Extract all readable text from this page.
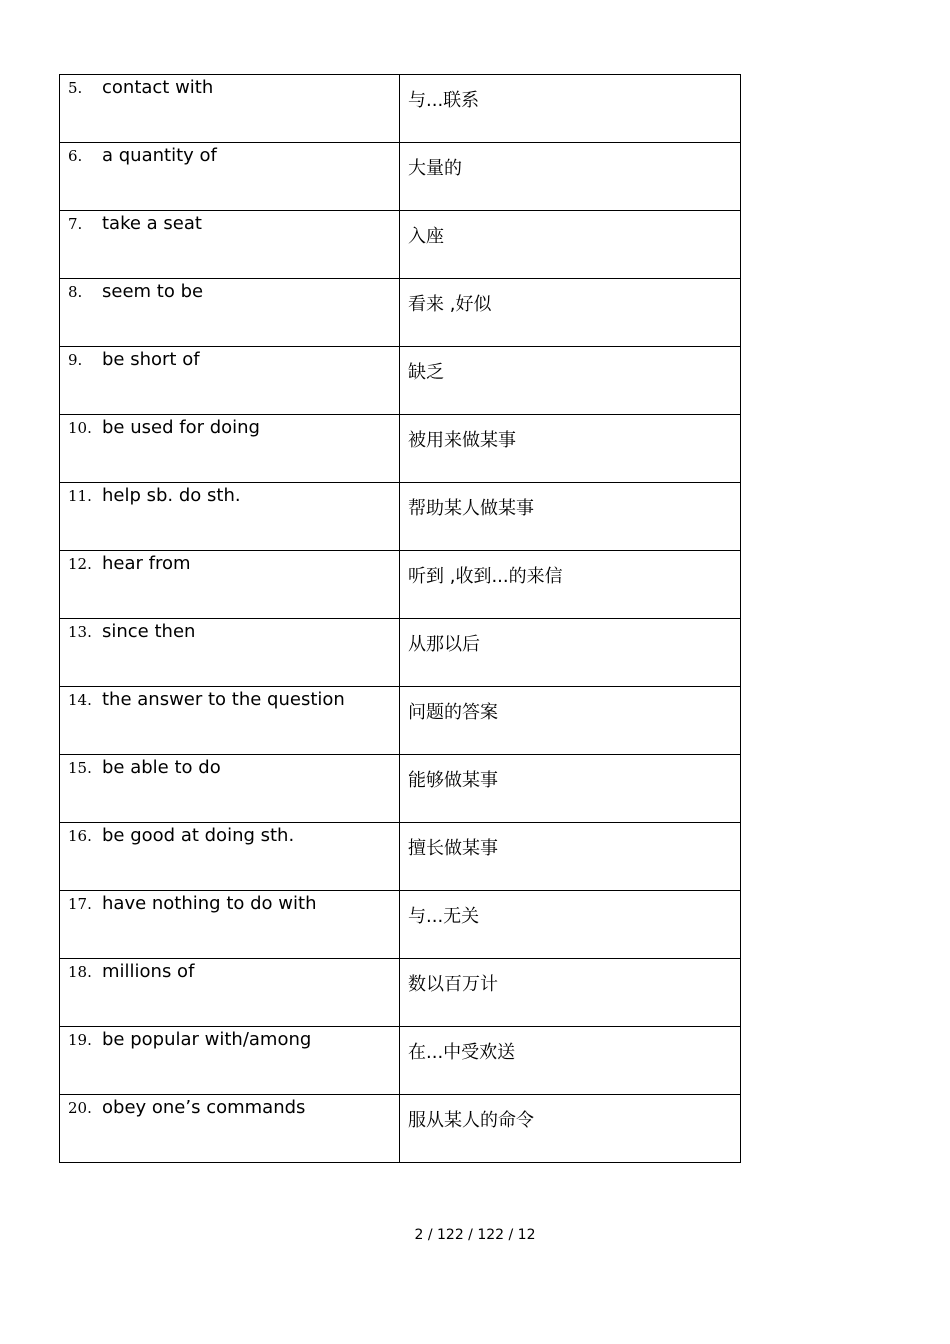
5. contact with	与...联系

6. a quantity of	大量的

7. take a seat	入座

8. seem to be	看来 ,好似

9. be short of	缺乏

10. be used for doing	被用来做某事

11. help sb. do sth.	帮助某人做某事

12. hear from	听到 ,收到...的来信

13. since then	从那以后

14. the answer to the question	问题的答案

15. be able to do	能够做某事

16. be good at doing sth.	擅长做某事

17. have nothing to do with	与...无关

18. millions of	数以百万计

19. be popular with/among	在...中受欢送

20. obey one’s commands	服从某人的命令
2 / 122 / 122 / 12
